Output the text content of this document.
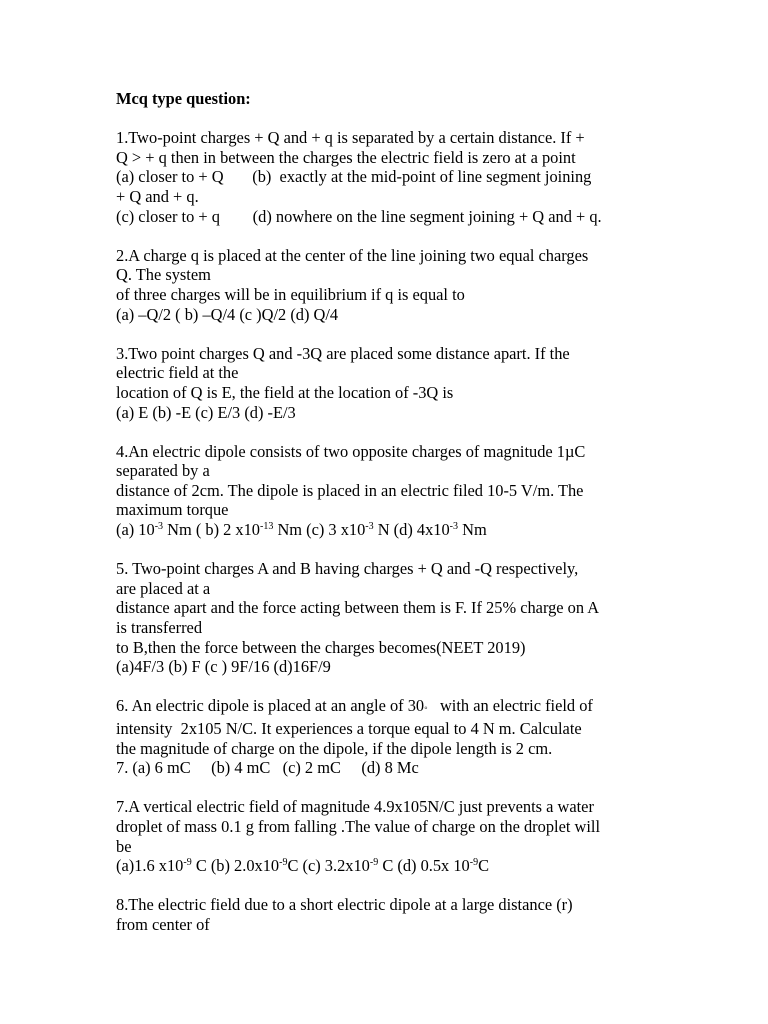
Mcq type question:

1.Two-point charges + Q and + q is separated by a certain distance. If +

Q > + q then in between the charges the electric field is zero at a point

(a) closer to + Q       (b)  exactly at the mid-point of line segment joining

+ Q and + q.

(c) closer to + q        (d) nowhere on the line segment joining + Q and + q.

2.A charge q is placed at the center of the line joining two equal charges

Q. The system

of three charges will be in equilibrium if q is equal to

(a) –Q/2 ( b) –Q/4 (c )Q/2 (d) Q/4

3.Two point charges Q and -3Q are placed some distance apart. If the

electric field at the

location of Q is E, the field at the location of -3Q is

(a) E (b) -E (c) E/3 (d) -E/3

4.An electric dipole consists of two opposite charges of magnitude 1µC

separated by a

distance of 2cm. The dipole is placed in an electric filed 10-5 V/m. The

maximum torque

(a) $10^{-3}$ Nm ( b) 2 $x10^{-13}$ Nm (c) 3 $x10^{-3}$ N (d) $4x10^{-3}$ Nm

5. Two-point charges A and B having charges + Q and -Q respectively,

are placed at a

distance apart and the force acting between them is F. If 25% charge on A

is transferred

to B,then the force between the charges becomes(NEET 2019)

(a)4F/3 (b) F (c ) 9F/16 (d)16F/9

6. An electric dipole is placed at an angle of 30◦   with an electric field of

intensity  2x105 N/C. It experiences a torque equal to 4 N m. Calculate

the magnitude of charge on the dipole, if the dipole length is 2 cm.

7. (a) 6 mC     (b) 4 mC   (c) 2 mC     (d) 8 Mc

7.A vertical electric field of magnitude 4.9x105N/C just prevents a water

droplet of mass 0.1 g from falling .The value of charge on the droplet will

be

(a)1.6 $x10^{-9}$ C (b) $2.0x10^{-9}C$ (c) $3.2x10^{-9}$ C (d) 0.5x $10^{-9}C$

8.The electric field due to a short electric dipole at a large distance (r)

from center of
